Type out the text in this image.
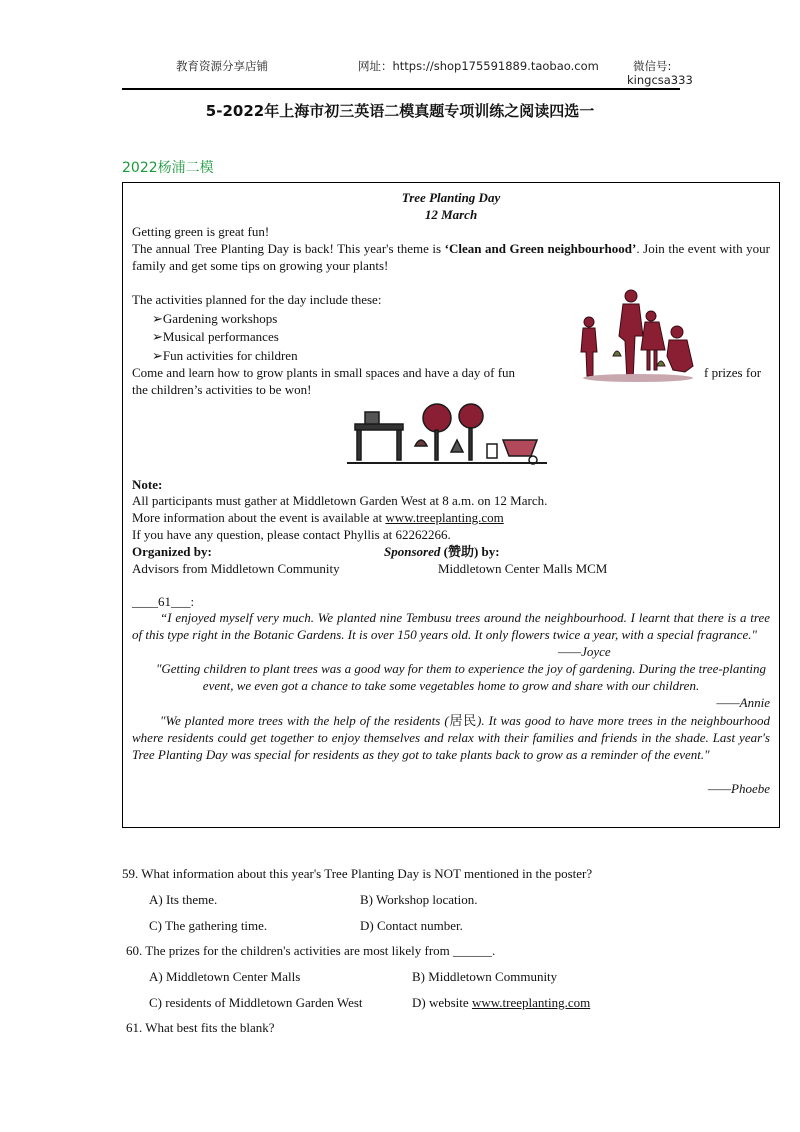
教育资源分享店铺	网址：https://shop175591889.taobao.com	微信号:
kingcsa333
5-2022年上海市初三英语二模真题专项训练之阅读四选一
2022杨浦二模
Tree Planting Day
12 March
Getting green is great fun!
The annual Tree Planting Day is back! This year's theme is ‘Clean and Green neighbourhood’. Join the event with your family and get some tips on growing your plants!
The activities planned for the day include these:
➢Gardening workshops
➢Musical performances
➢Fun activities for children
Come and learn how to grow plants in small spaces and have a day of fun	f prizes for
the children’s activities to be won!
Note:
All participants must gather at Middletown Garden West at 8 a.m. on 12 March.
More information about the event is available at www.treeplanting.com
If you have any question, please contact Phyllis at 62262266.
Organized by:	Sponsored (赞助) by:
Advisors from Middletown Community	Middletown Center Malls MCM
____61___:
“I enjoyed myself very much. We planted nine Tembusu trees around the neighbourhood. I learnt that there is a tree of this type right in the Botanic Gardens. It is over 150 years old. It only flowers twice a year, with a special fragrance."
——Joyce
"Getting children to plant trees was a good way for them to experience the joy of gardening. During the tree-planting event, we even got a chance to take some vegetables home to grow and share with our children.
——Annie
"We planted more trees with the help of the residents (居民). It was good to have more trees in the neighbourhood where residents could get together to enjoy themselves and relax with their families and friends in the shade. Last year's Tree Planting Day was special for residents as they got to take plants back to grow as a reminder of the event."
——Phoebe
59. What information about this year's Tree Planting Day is NOT mentioned in the poster?
A) Its theme.	B) Workshop location.
C) The gathering time.	D) Contact number.
60. The prizes for the children's activities are most likely from ______.
A) Middletown Center Malls	B) Middletown Community
C) residents of Middletown Garden West	D) website www.treeplanting.com
61. What best fits the blank?
